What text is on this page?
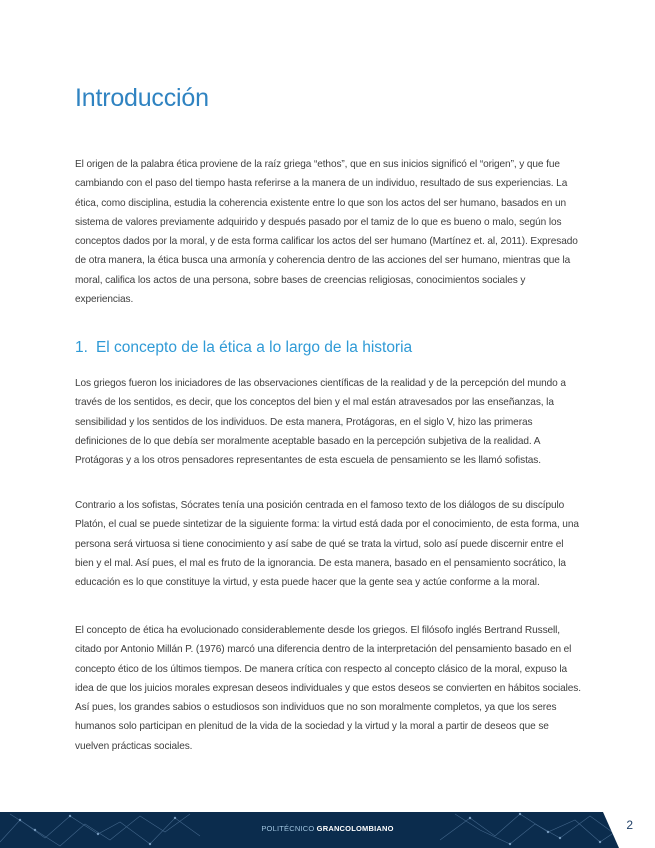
Introducción

El origen de la palabra ética proviene de la raíz griega “ethos”, que en sus inicios significó el “origen”, y que fue cambiando con el paso del tiempo hasta referirse a la manera de un individuo, resultado de sus experiencias. La ética, como disciplina, estudia la coherencia existente entre lo que son los actos del ser humano, basados en un sistema de valores previamente adquirido y después pasado por el tamiz de lo que es bueno o malo, según los conceptos dados por la moral, y de esta forma calificar los actos del ser humano (Martínez et. al, 2011). Expresado de otra manera, la ética busca una armonía y coherencia dentro de las acciones del ser humano, mientras que la moral, califica los actos de una persona, sobre bases de creencias religiosas, conocimientos sociales y experiencias.

1. El concepto de la ética a lo largo de la historia

Los griegos fueron los iniciadores de las observaciones científicas de la realidad y de la percepción del mundo a través de los sentidos, es decir, que los conceptos del bien y el mal están atravesados por las enseñanzas, la sensibilidad y los sentidos de los individuos. De esta manera, Protágoras, en el siglo V, hizo las primeras definiciones de lo que debía ser moralmente aceptable basado en la percepción subjetiva de la realidad. A Protágoras y a los otros pensadores representantes de esta escuela de pensamiento se les llamó sofistas.

Contrario a los sofistas, Sócrates tenía una posición centrada en el famoso texto de los diálogos de su discípulo Platón, el cual se puede sintetizar de la siguiente forma: la virtud está dada por el conocimiento, de esta forma, una persona será virtuosa si tiene conocimiento y así sabe de qué se trata la virtud, solo así puede discernir entre el bien y el mal. Así pues, el mal es fruto de la ignorancia. De esta manera, basado en el pensamiento socrático, la educación es lo que constituye la virtud, y esta puede hacer que la gente sea y actúe conforme a la moral.

El concepto de ética ha evolucionado considerablemente desde los griegos. El filósofo inglés Bertrand Russell, citado por Antonio Millán P. (1976) marcó una diferencia dentro de la interpretación del pensamiento basado en el concepto ético de los últimos tiempos. De manera crítica con respecto al concepto clásico de la moral, expuso la idea de que los juicios morales expresan deseos individuales y que estos deseos se convierten en hábitos sociales. Así pues, los grandes sabios o estudiosos son individuos que no son moralmente completos, ya que los seres humanos solo participan en plenitud de la vida de la sociedad y la virtud y la moral a partir de deseos que se vuelven prácticas sociales.

POLITÉCNICO GRANCOLOMBIANO	2
